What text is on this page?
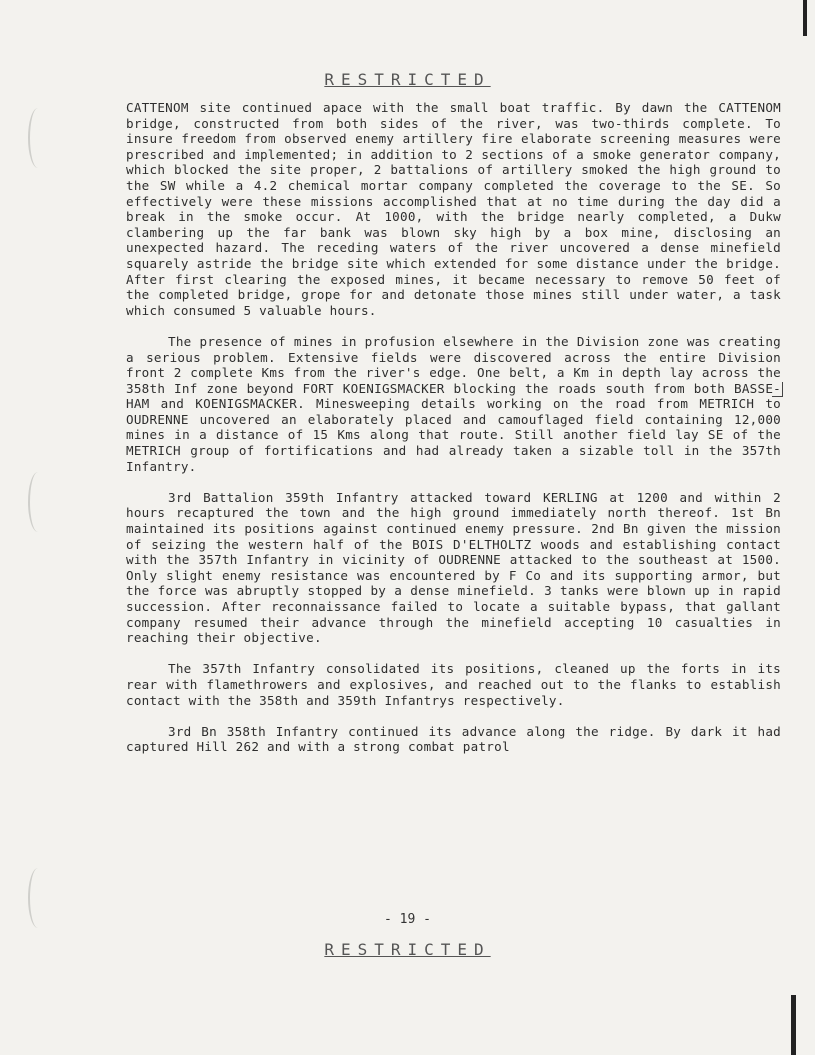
RESTRICTED

CATTENOM site continued apace with the small boat traffic. By dawn the CATTENOM bridge, constructed from both sides of the river, was two-thirds complete. To insure freedom from observed enemy artillery fire elaborate screening measures were prescribed and implemented; in addition to 2 sections of a smoke generator company, which blocked the site proper, 2 battalions of artillery smoked the high ground to the SW while a 4.2 chemical mortar company completed the coverage to the SE. So effectively were these missions accomplished that at no time during the day did a break in the smoke occur. At 1000, with the bridge nearly completed, a Dukw clambering up the far bank was blown sky high by a box mine, disclosing an unexpected hazard. The receding waters of the river uncovered a dense minefield squarely astride the bridge site which extended for some distance under the bridge. After first clearing the exposed mines, it became necessary to remove 50 feet of the completed bridge, grope for and detonate those mines still under water, a task which consumed 5 valuable hours.

The presence of mines in profusion elsewhere in the Division zone was creating a serious problem. Extensive fields were discovered across the entire Division front 2 complete Kms from the river's edge. One belt, a Km in depth lay across the 358th Inf zone beyond FORT KOENIGSMACKER blocking the roads south from both BASSE-HAM and KOENIGSMACKER. Minesweeping details working on the road from METRICH to OUDRENNE uncovered an elaborately placed and camouflaged field containing 12,000 mines in a distance of 15 Kms along that route. Still another field lay SE of the METRICH group of fortifications and had already taken a sizable toll in the 357th Infantry.

3rd Battalion 359th Infantry attacked toward KERLING at 1200 and within 2 hours recaptured the town and the high ground immediately north thereof. 1st Bn maintained its positions against continued enemy pressure. 2nd Bn given the mission of seizing the western half of the BOIS D'ELTHOLTZ woods and establishing contact with the 357th Infantry in vicinity of OUDRENNE attacked to the southeast at 1500. Only slight enemy resistance was encountered by F Co and its supporting armor, but the force was abruptly stopped by a dense minefield. 3 tanks were blown up in rapid succession. After reconnaissance failed to locate a suitable bypass, that gallant company resumed their advance through the minefield accepting 10 casualties in reaching their objective.

The 357th Infantry consolidated its positions, cleaned up the forts in its rear with flamethrowers and explosives, and reached out to the flanks to establish contact with the 358th and 359th Infantrys respectively.

3rd Bn 358th Infantry continued its advance along the ridge. By dark it had captured Hill 262 and with a strong combat patrol

- 19 -
RESTRICTED
